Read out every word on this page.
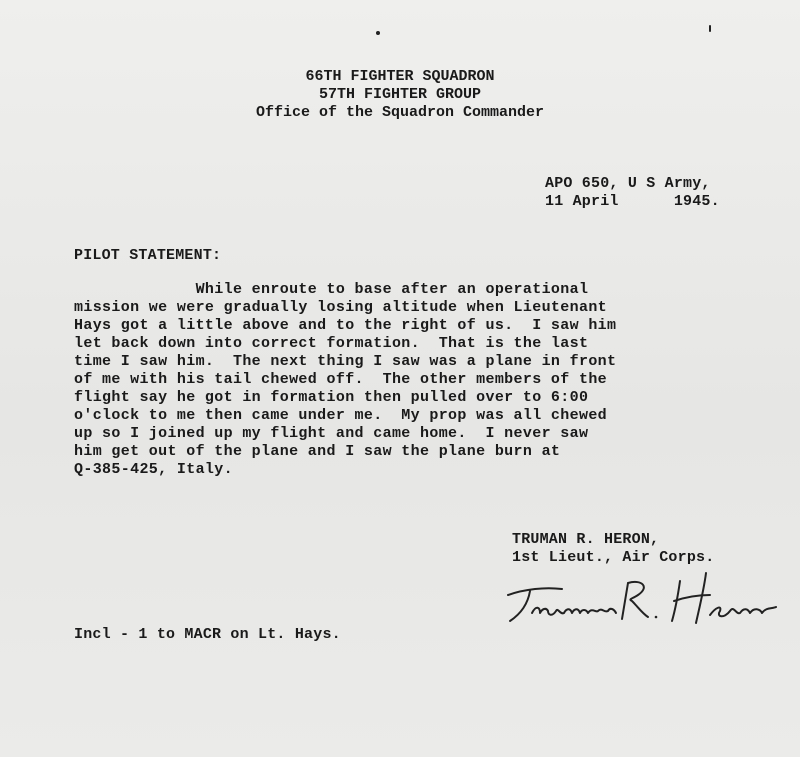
66TH FIGHTER SQUADRON
57TH FIGHTER GROUP
Office of the Squadron Commander
APO 650, U S Army,
11 April      1945.
PILOT STATEMENT:
While enroute to base after an operational
mission we were gradually losing altitude when Lieutenant
Hays got a little above and to the right of us.  I saw him
let back down into correct formation.  That is the last
time I saw him.  The next thing I saw was a plane in front
of me with his tail chewed off.  The other members of the
flight say he got in formation then pulled over to 6:00
o'clock to me then came under me.  My prop was all chewed
up so I joined up my flight and came home.  I never saw
him get out of the plane and I saw the plane burn at
Q-385-425, Italy.
TRUMAN R. HERON,
1st Lieut., Air Corps.
Incl - 1 to MACR on Lt. Hays.
